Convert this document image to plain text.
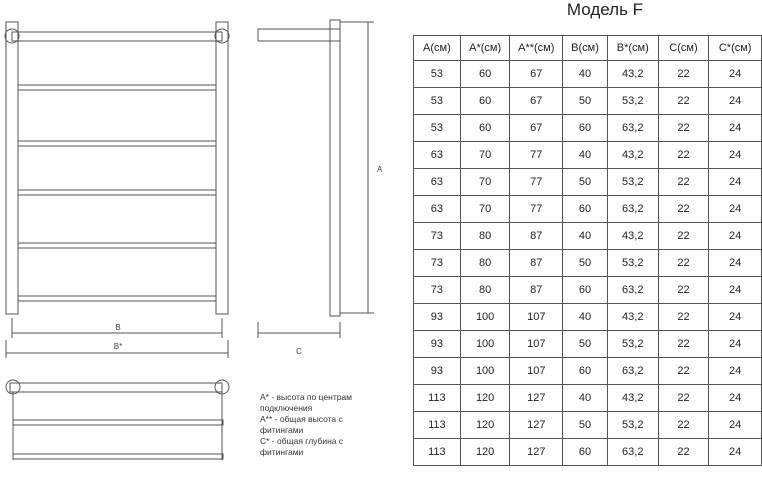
B
B*
A
C
Модель F
A(см)	A*(см)	A**(см)	B(см)	B*(см)	C(см)	C*(см)
53	60	67	40	43,2	22	24
53	60	67	50	53,2	22	24
53	60	67	60	63,2	22	24
63	70	77	40	43,2	22	24
63	70	77	50	53,2	22	24
63	70	77	60	63,2	22	24
73	80	87	40	43,2	22	24
73	80	87	50	53,2	22	24
73	80	87	60	63,2	22	24
93	100	107	40	43,2	22	24
93	100	107	50	53,2	22	24
93	100	107	60	63,2	22	24
113	120	127	40	43,2	22	24
113	120	127	50	53,2	22	24
113	120	127	60	63,2	22	24
A* - высота по центрам
подключения
A** - общая высота с
фитингами
C* - общая глубина с
фитингами
